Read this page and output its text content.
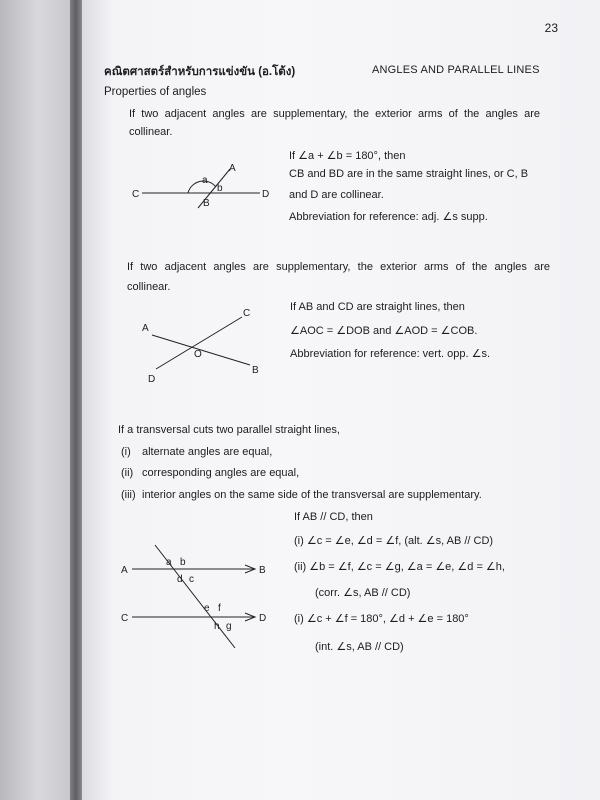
23
คณิตศาสตร์สำหรับการแข่งขัน (อ.โต้ง)	ANGLES AND PARALLEL LINES
Properties of angles
If two adjacent angles are supplementary, the exterior arms of the angles are
collinear.
C	D
A
B
a
b
If ∠a + ∠b = 180°, then
CB and BD are in the same straight lines, or C, B
and D are collinear.
Abbreviation for reference: adj. ∠s supp.
If two adjacent angles are supplementary, the exterior arms of the angles are
collinear.
A
B
C
D
O
If AB and CD are straight lines, then
∠AOC = ∠DOB and ∠AOD = ∠COB.
Abbreviation for reference: vert. opp. ∠s.
If a transversal cuts two parallel straight lines,
(i) alternate angles are equal,
(ii) corresponding angles are equal,
(iii) interior angles on the same side of the transversal are supplementary.
A	B
C	D
a b
d c
e f
h g
If AB // CD, then
(i) ∠c = ∠e, ∠d = ∠f, (alt. ∠s, AB // CD)
(ii) ∠b = ∠f, ∠c = ∠g, ∠a = ∠e, ∠d = ∠h,
(corr. ∠s, AB // CD)
(i) ∠c + ∠f = 180°, ∠d + ∠e = 180°
(int. ∠s, AB // CD)
